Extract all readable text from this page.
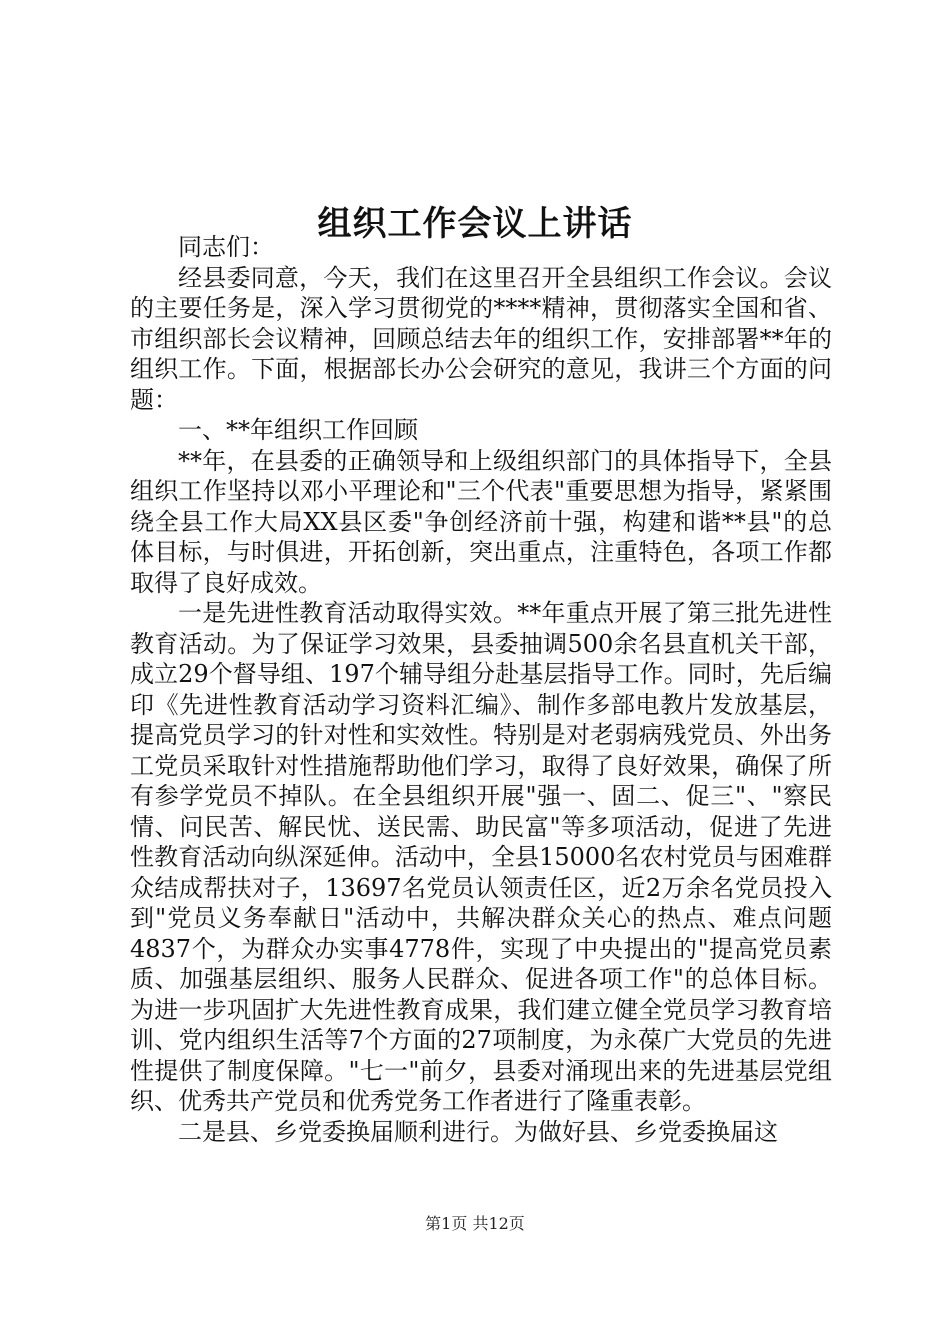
组织工作会议上讲话

同志们：

经县委同意，今天，我们在这里召开全县组织工作会议。会议的主要任务是，深入学习贯彻党的****精神，贯彻落实全国和省、市组织部长会议精神，回顾总结去年的组织工作，安排部署**年的组织工作。下面，根据部长办公会研究的意见，我讲三个方面的问题：

一、**年组织工作回顾

**年，在县委的正确领导和上级组织部门的具体指导下，全县组织工作坚持以邓小平理论和"三个代表"重要思想为指导，紧紧围绕全县工作大局XX县区委"争创经济前十强，构建和谐**县"的总体目标，与时俱进，开拓创新，突出重点，注重特色，各项工作都取得了良好成效。

一是先进性教育活动取得实效。**年重点开展了第三批先进性教育活动。为了保证学习效果，县委抽调500余名县直机关干部，成立29个督导组、197个辅导组分赴基层指导工作。同时，先后编印《先进性教育活动学习资料汇编》、制作多部电教片发放基层，提高党员学习的针对性和实效性。特别是对老弱病残党员、外出务工党员采取针对性措施帮助他们学习，取得了良好效果，确保了所有参学党员不掉队。在全县组织开展"强一、固二、促三"、"察民情、问民苦、解民忧、送民需、助民富"等多项活动，促进了先进性教育活动向纵深延伸。活动中，全县15000名农村党员与困难群众结成帮扶对子，13697名党员认领责任区，近2万余名党员投入到"党员义务奉献日"活动中，共解决群众关心的热点、难点问题4837个，为群众办实事4778件，实现了中央提出的"提高党员素质、加强基层组织、服务人民群众、促进各项工作"的总体目标。为进一步巩固扩大先进性教育成果，我们建立健全党员学习教育培训、党内组织生活等7个方面的27项制度，为永葆广大党员的先进性提供了制度保障。"七一"前夕，县委对涌现出来的先进基层党组织、优秀共产党员和优秀党务工作者进行了隆重表彰。

二是县、乡党委换届顺利进行。为做好县、乡党委换届这

第1页 共12页
